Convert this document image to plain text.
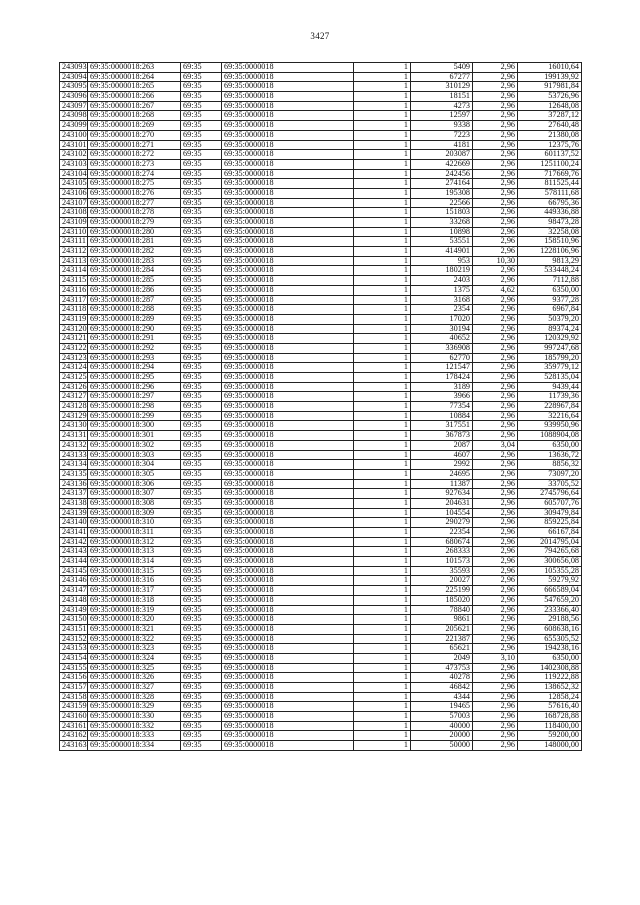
3427
243093	69:35:0000018:263	69:35	69:35:0000018	1	5409	2,96	16010,64
243094	69:35:0000018:264	69:35	69:35:0000018	1	67277	2,96	199139,92
243095	69:35:0000018:265	69:35	69:35:0000018	1	310129	2,96	917981,84
243096	69:35:0000018:266	69:35	69:35:0000018	1	18151	2,96	53726,96
243097	69:35:0000018:267	69:35	69:35:0000018	1	4273	2,96	12648,08
243098	69:35:0000018:268	69:35	69:35:0000018	1	12597	2,96	37287,12
243099	69:35:0000018:269	69:35	69:35:0000018	1	9338	2,96	27640,48
243100	69:35:0000018:270	69:35	69:35:0000018	1	7223	2,96	21380,08
243101	69:35:0000018:271	69:35	69:35:0000018	1	4181	2,96	12375,76
243102	69:35:0000018:272	69:35	69:35:0000018	1	203087	2,96	601137,52
243103	69:35:0000018:273	69:35	69:35:0000018	1	422669	2,96	1251100,24
243104	69:35:0000018:274	69:35	69:35:0000018	1	242456	2,96	717669,76
243105	69:35:0000018:275	69:35	69:35:0000018	1	274164	2,96	811525,44
243106	69:35:0000018:276	69:35	69:35:0000018	1	195308	2,96	578111,68
243107	69:35:0000018:277	69:35	69:35:0000018	1	22566	2,96	66795,36
243108	69:35:0000018:278	69:35	69:35:0000018	1	151803	2,96	449336,88
243109	69:35:0000018:279	69:35	69:35:0000018	1	33268	2,96	98473,28
243110	69:35:0000018:280	69:35	69:35:0000018	1	10898	2,96	32258,08
243111	69:35:0000018:281	69:35	69:35:0000018	1	53551	2,96	158510,96
243112	69:35:0000018:282	69:35	69:35:0000018	1	414901	2,96	1228106,96
243113	69:35:0000018:283	69:35	69:35:0000018	1	953	10,30	9813,29
243114	69:35:0000018:284	69:35	69:35:0000018	1	180219	2,96	533448,24
243115	69:35:0000018:285	69:35	69:35:0000018	1	2403	2,96	7112,88
243116	69:35:0000018:286	69:35	69:35:0000018	1	1375	4,62	6350,00
243117	69:35:0000018:287	69:35	69:35:0000018	1	3168	2,96	9377,28
243118	69:35:0000018:288	69:35	69:35:0000018	1	2354	2,96	6967,84
243119	69:35:0000018:289	69:35	69:35:0000018	1	17020	2,96	50379,20
243120	69:35:0000018:290	69:35	69:35:0000018	1	30194	2,96	89374,24
243121	69:35:0000018:291	69:35	69:35:0000018	1	40652	2,96	120329,92
243122	69:35:0000018:292	69:35	69:35:0000018	1	336908	2,96	997247,68
243123	69:35:0000018:293	69:35	69:35:0000018	1	62770	2,96	185799,20
243124	69:35:0000018:294	69:35	69:35:0000018	1	121547	2,96	359779,12
243125	69:35:0000018:295	69:35	69:35:0000018	1	178424	2,96	528135,04
243126	69:35:0000018:296	69:35	69:35:0000018	1	3189	2,96	9439,44
243127	69:35:0000018:297	69:35	69:35:0000018	1	3966	2,96	11739,36
243128	69:35:0000018:298	69:35	69:35:0000018	1	77354	2,96	228967,84
243129	69:35:0000018:299	69:35	69:35:0000018	1	10884	2,96	32216,64
243130	69:35:0000018:300	69:35	69:35:0000018	1	317551	2,96	939950,96
243131	69:35:0000018:301	69:35	69:35:0000018	1	367873	2,96	1088904,08
243132	69:35:0000018:302	69:35	69:35:0000018	1	2087	3,04	6350,00
243133	69:35:0000018:303	69:35	69:35:0000018	1	4607	2,96	13636,72
243134	69:35:0000018:304	69:35	69:35:0000018	1	2992	2,96	8856,32
243135	69:35:0000018:305	69:35	69:35:0000018	1	24695	2,96	73097,20
243136	69:35:0000018:306	69:35	69:35:0000018	1	11387	2,96	33705,52
243137	69:35:0000018:307	69:35	69:35:0000018	1	927634	2,96	2745796,64
243138	69:35:0000018:308	69:35	69:35:0000018	1	204631	2,96	605707,76
243139	69:35:0000018:309	69:35	69:35:0000018	1	104554	2,96	309479,84
243140	69:35:0000018:310	69:35	69:35:0000018	1	290279	2,96	859225,84
243141	69:35:0000018:311	69:35	69:35:0000018	1	22354	2,96	66167,84
243142	69:35:0000018:312	69:35	69:35:0000018	1	680674	2,96	2014795,04
243143	69:35:0000018:313	69:35	69:35:0000018	1	268333	2,96	794265,68
243144	69:35:0000018:314	69:35	69:35:0000018	1	101573	2,96	300656,08
243145	69:35:0000018:315	69:35	69:35:0000018	1	35593	2,96	105355,28
243146	69:35:0000018:316	69:35	69:35:0000018	1	20027	2,96	59279,92
243147	69:35:0000018:317	69:35	69:35:0000018	1	225199	2,96	666589,04
243148	69:35:0000018:318	69:35	69:35:0000018	1	185020	2,96	547659,20
243149	69:35:0000018:319	69:35	69:35:0000018	1	78840	2,96	233366,40
243150	69:35:0000018:320	69:35	69:35:0000018	1	9861	2,96	29188,56
243151	69:35:0000018:321	69:35	69:35:0000018	1	205621	2,96	608638,16
243152	69:35:0000018:322	69:35	69:35:0000018	1	221387	2,96	655305,52
243153	69:35:0000018:323	69:35	69:35:0000018	1	65621	2,96	194238,16
243154	69:35:0000018:324	69:35	69:35:0000018	1	2049	3,10	6350,00
243155	69:35:0000018:325	69:35	69:35:0000018	1	473753	2,96	1402308,88
243156	69:35:0000018:326	69:35	69:35:0000018	1	40278	2,96	119222,88
243157	69:35:0000018:327	69:35	69:35:0000018	1	46842	2,96	138652,32
243158	69:35:0000018:328	69:35	69:35:0000018	1	4344	2,96	12858,24
243159	69:35:0000018:329	69:35	69:35:0000018	1	19465	2,96	57616,40
243160	69:35:0000018:330	69:35	69:35:0000018	1	57003	2,96	168728,88
243161	69:35:0000018:332	69:35	69:35:0000018	1	40000	2,96	118400,00
243162	69:35:0000018:333	69:35	69:35:0000018	1	20000	2,96	59200,00
243163	69:35:0000018:334	69:35	69:35:0000018	1	50000	2,96	148000,00
